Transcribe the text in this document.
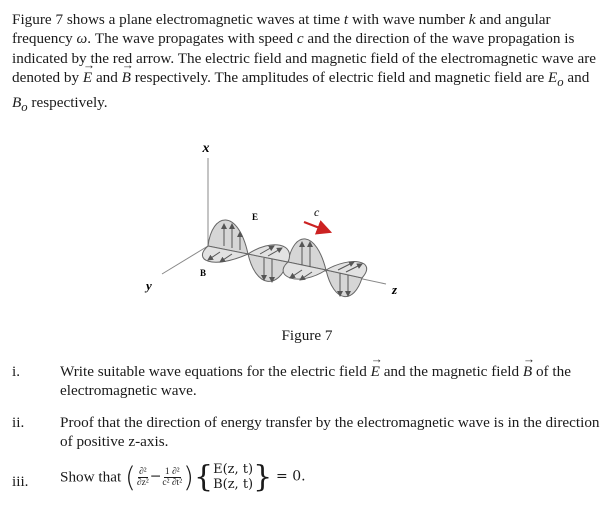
Figure 7 shows a plane electromagnetic waves at time t with wave number k and angular frequency ω. The wave propagates with speed c and the direction of the wave propagation is indicated by the red arrow. The electric field and magnetic field of the electromagnetic wave are denoted by E → and B → respectively. The amplitudes of electric field and magnetic field are $E_o$ and $B_o$ respectively.

x
y	z
E
B
c
Figure 7
i.	Write suitable wave equations for the electric field E → and the magnetic field B → of the electromagnetic wave.
ii.	Proof that the direction of energy transfer by the electromagnetic wave is in the direction of positive z-axis.
iii.	Show that ( $\frac{\text{∂²}}{\text{∂z²}} - \frac{\text{1 ∂²}}{\text{c² ∂t²}}$ ){ E(z, t)
B(z, t) } = 0.
